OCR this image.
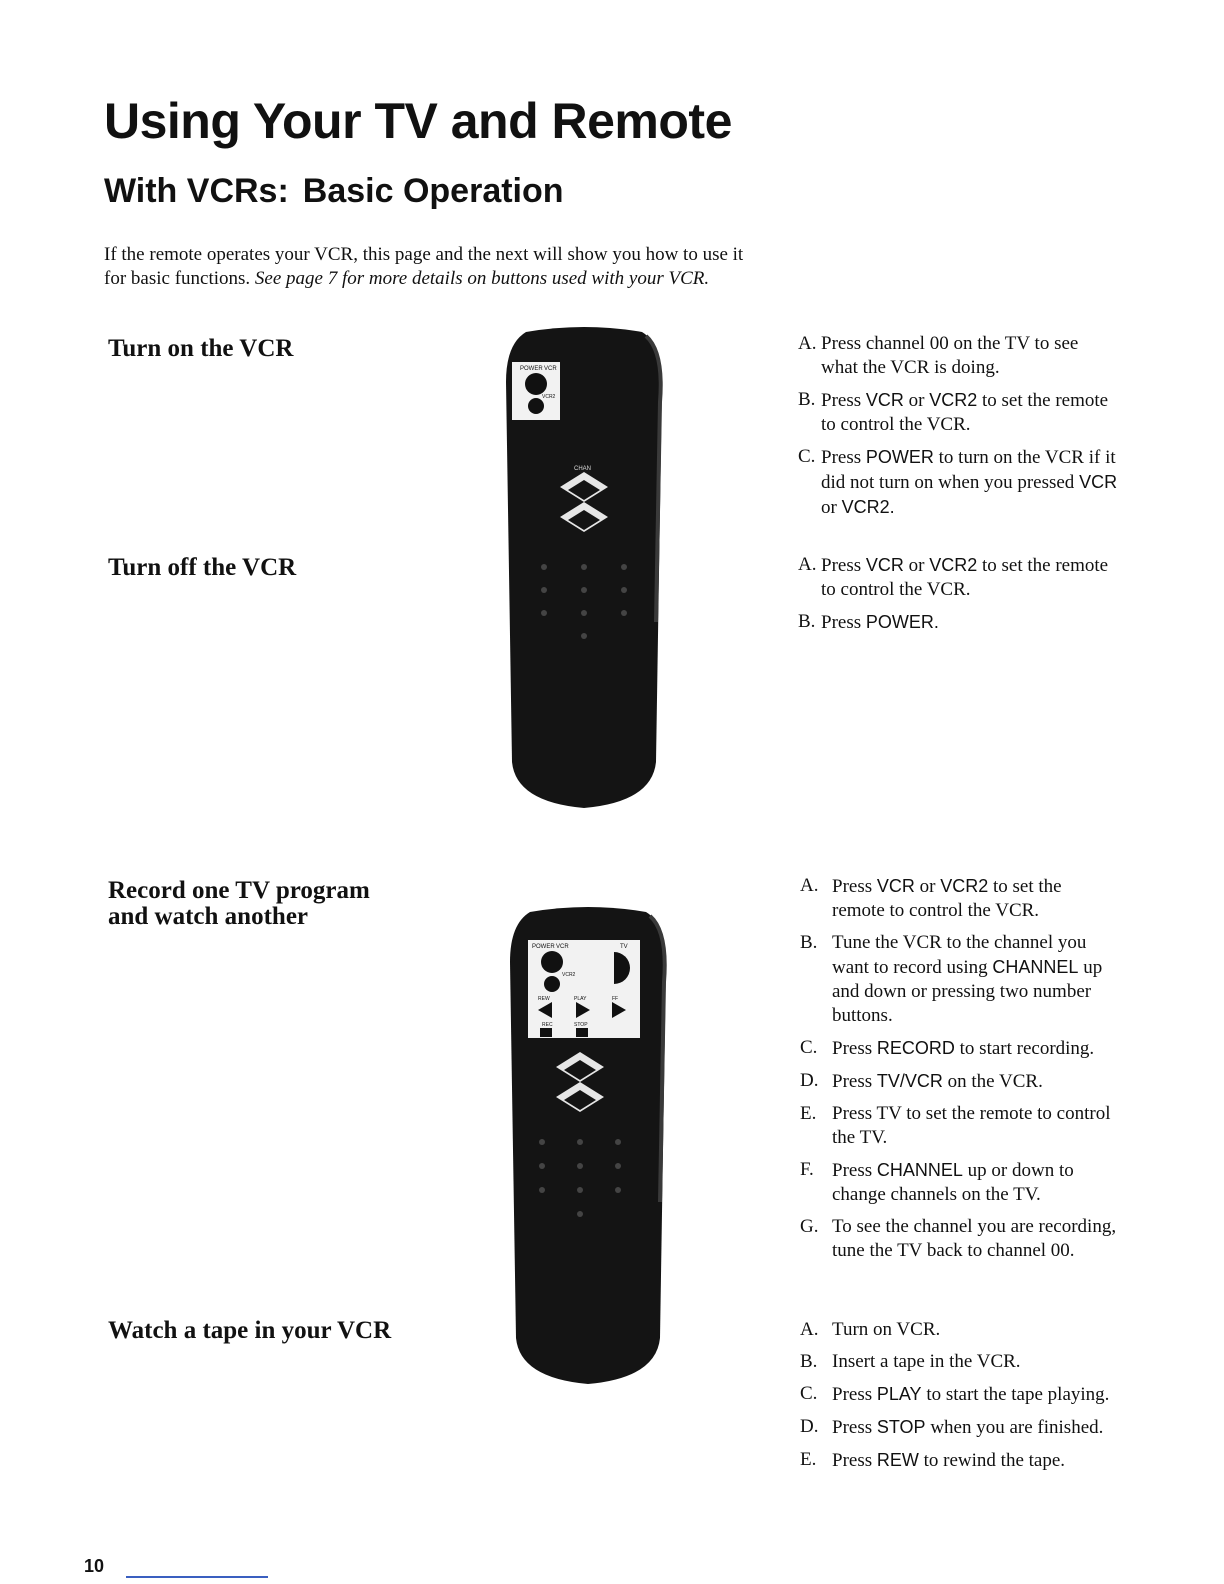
Using Your TV and Remote
With VCRs: Basic Operation
If the remote operates your VCR, this page and the next will show you how to use it for basic functions. See page 7 for more details on buttons used with your VCR.
Turn on the VCR
Turn off the VCR
Record one TV program
and watch another
Watch a tape in your VCR
A. Press channel 00 on the TV to see what the VCR is doing.
B. Press VCR or VCR2 to set the remote to control the VCR.
C. Press POWER to turn on the VCR if it did not turn on when you pressed VCR or VCR2.
A. Press VCR or VCR2 to set the remote to control the VCR.
B. Press POWER.
A. Press VCR or VCR2 to set the remote to control the VCR.
B. Tune the VCR to the channel you want to record using CHANNEL up and down or pressing two number buttons.
C. Press RECORD to start recording.
D. Press TV/VCR on the VCR.
E. Press TV to set the remote to control the TV.
F. Press CHANNEL up or down to change channels on the TV.
G. To see the channel you are recording, tune the TV back to channel 00.
A. Turn on VCR.
B. Insert a tape in the VCR.
C. Press PLAY to start the tape playing.
D. Press STOP when you are finished.
E. Press REW to rewind the tape.
POWER VCR
VCR2
CHAN
POWER VCR
VCR2
TV
REW	PLAY	FF
REC	STOP
10
